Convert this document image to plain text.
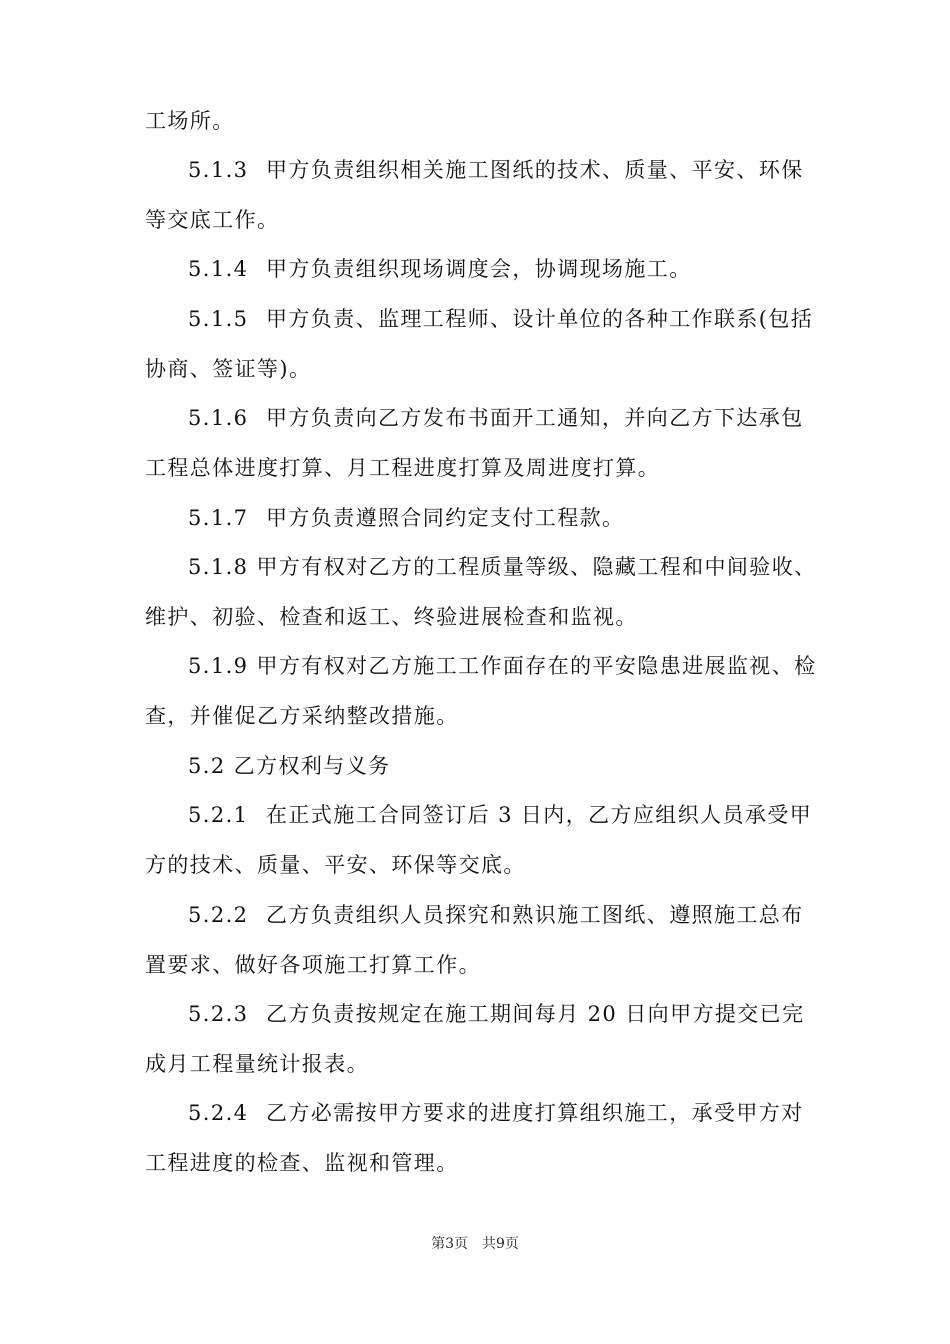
工场所。
5.1.3 甲方负责组织相关施工图纸的技术、质量、平安、环保
等交底工作。
5.1.4 甲方负责组织现场调度会，协调现场施工。
5.1.5 甲方负责、监理工程师、设计单位的各种工作联系(包括
协商、签证等)。
5.1.6 甲方负责向乙方发布书面开工通知，并向乙方下达承包
工程总体进度打算、月工程进度打算及周进度打算。
5.1.7 甲方负责遵照合同约定支付工程款。
5.1.8 甲方有权对乙方的工程质量等级、隐藏工程和中间验收、
维护、初验、检查和返工、终验进展检查和监视。
5.1.9 甲方有权对乙方施工工作面存在的平安隐患进展监视、检
查，并催促乙方采纳整改措施。
5.2 乙方权利与义务
5.2.1 在正式施工合同签订后 3 日内，乙方应组织人员承受甲
方的技术、质量、平安、环保等交底。
5.2.2 乙方负责组织人员探究和熟识施工图纸、遵照施工总布
置要求、做好各项施工打算工作。
5.2.3 乙方负责按规定在施工期间每月 20 日向甲方提交已完
成月工程量统计报表。
5.2.4 乙方必需按甲方要求的进度打算组织施工，承受甲方对
工程进度的检查、监视和管理。
第3页 共9页
